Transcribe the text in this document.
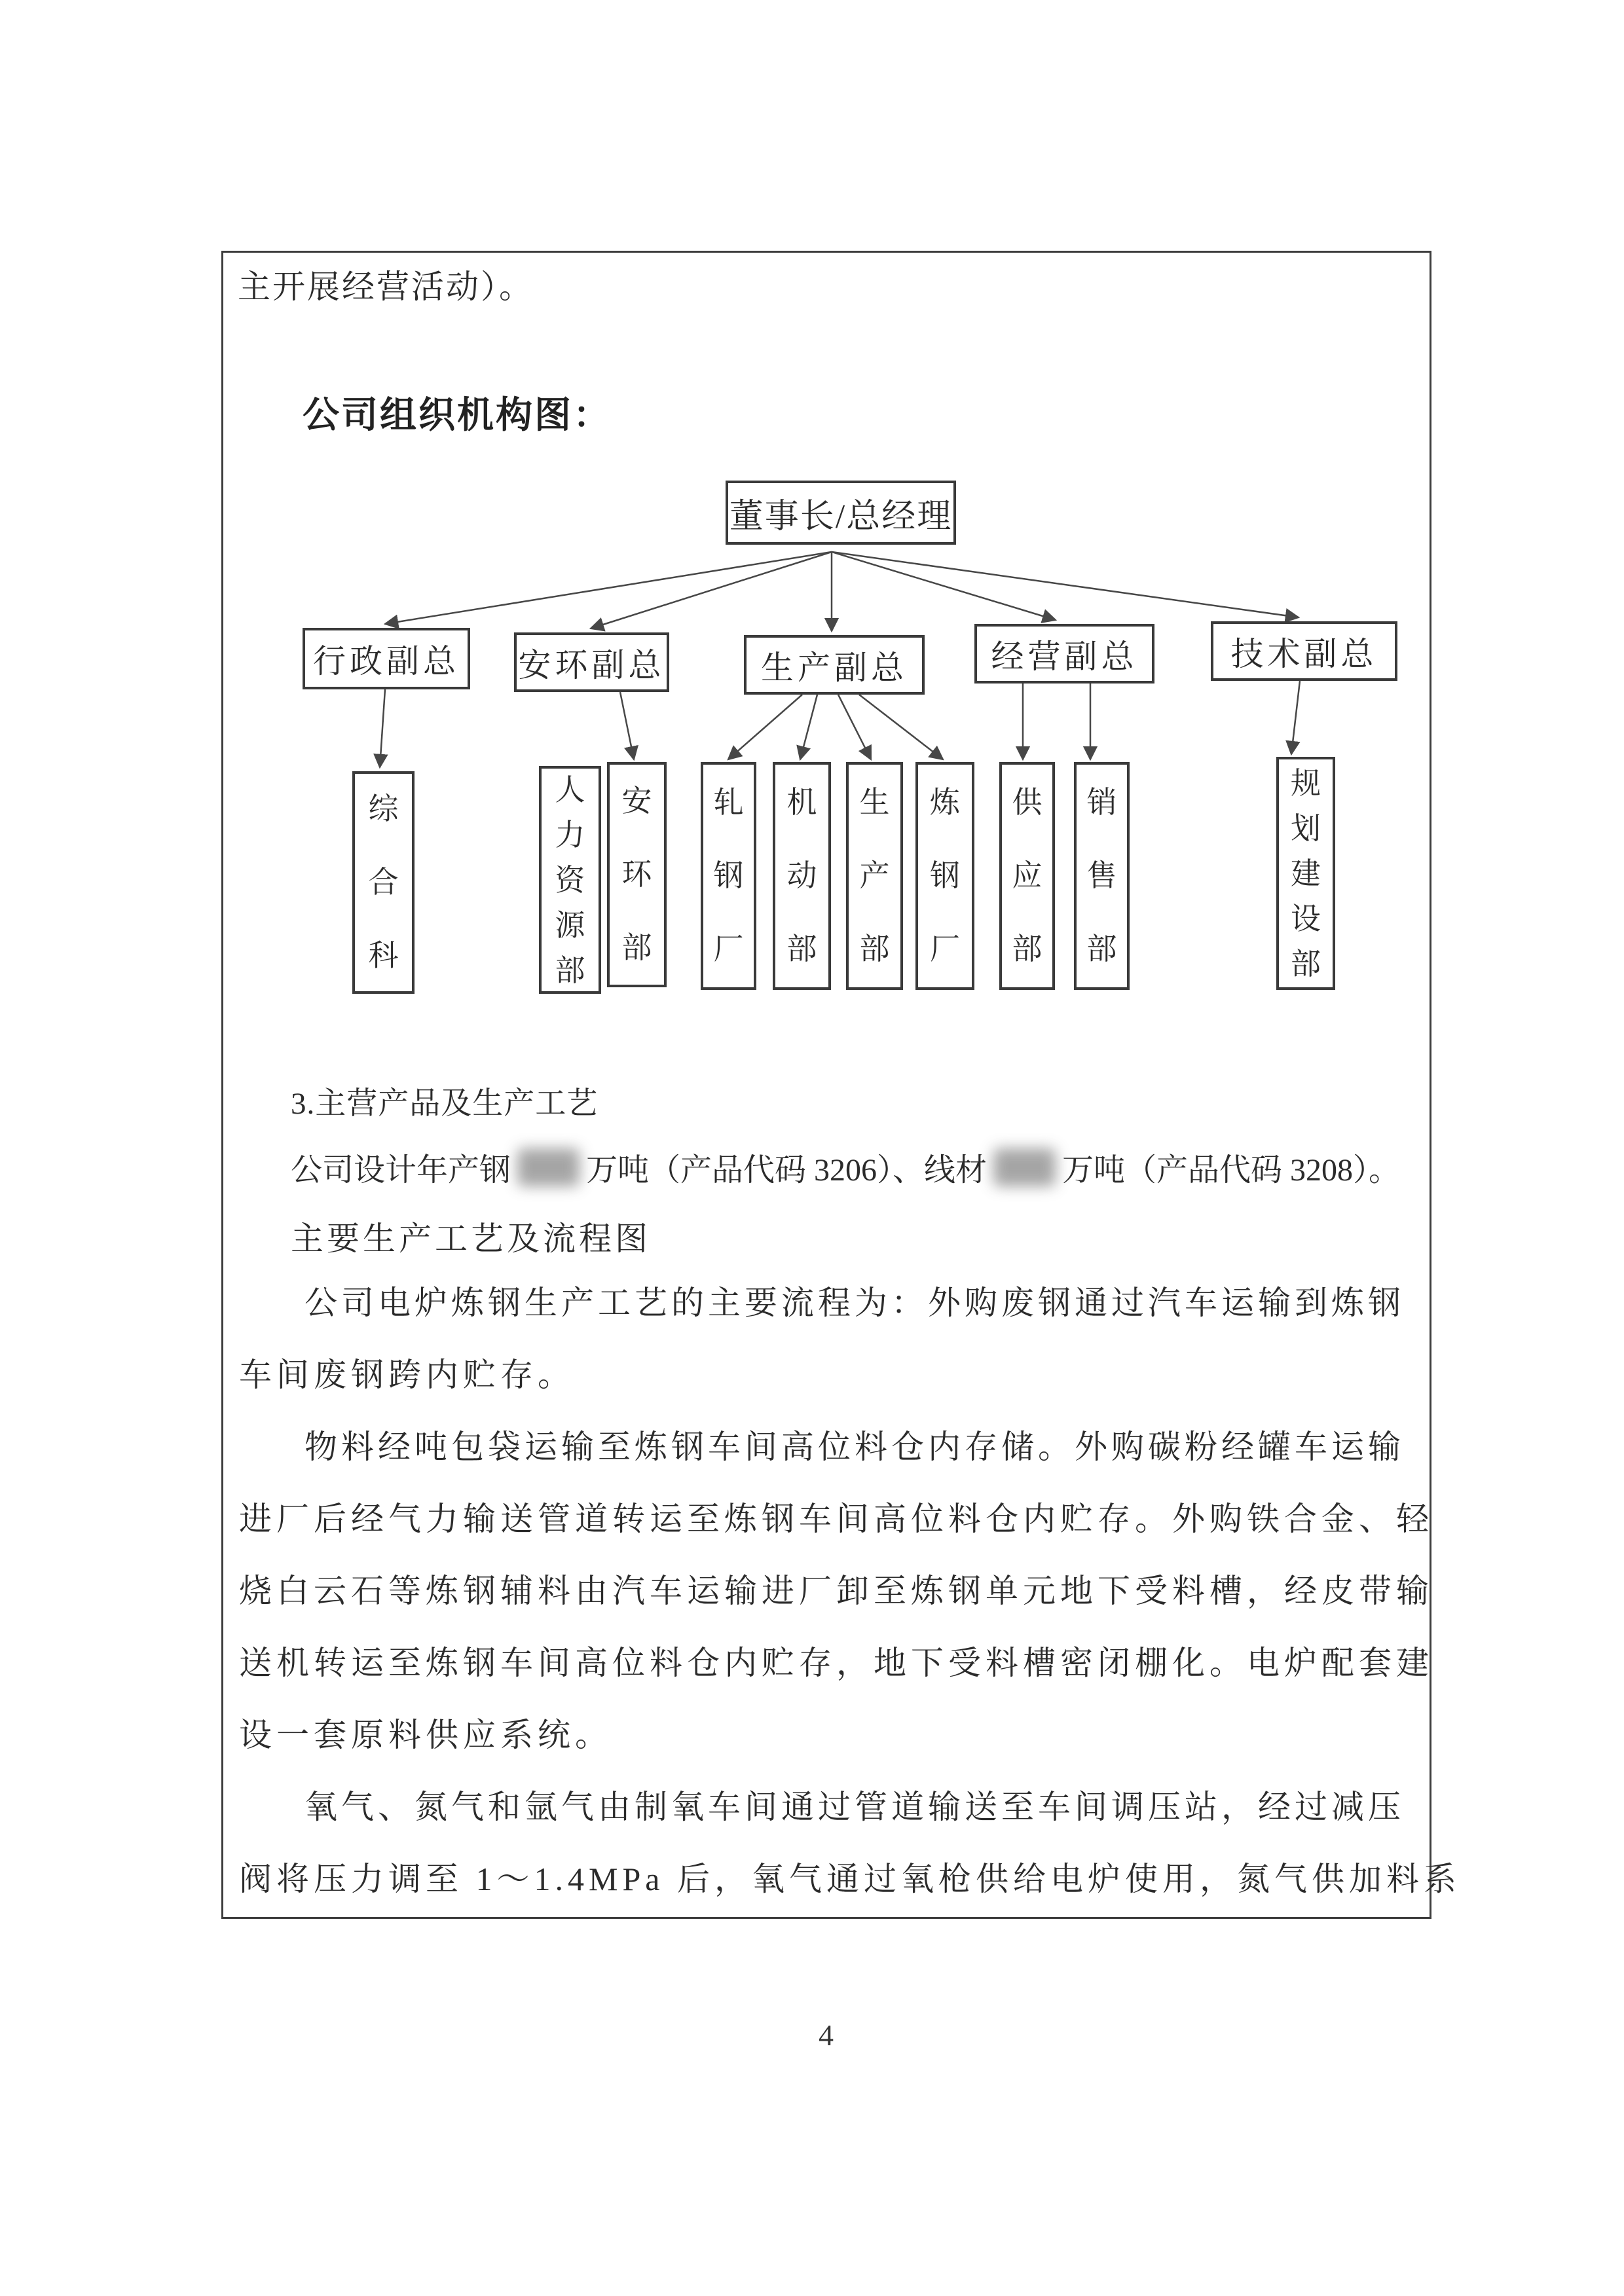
主开展经营活动）。
公司组织机构图：
董事长/总经理
行政副总	安环副总	生产副总	经营副总	技术副总
综合科
人力资源部
安环部
轧钢厂
机动部
生产部
炼钢厂
供应部
销售部
规划建设部
3.主营产品及生产工艺
公司设计年产钢 万吨（产品代码 3206）、线材 万吨（产品代码 3208）。
主要生产工艺及流程图
公司电炉炼钢生产工艺的主要流程为：外购废钢通过汽车运输到炼钢
车间废钢跨内贮存。
物料经吨包袋运输至炼钢车间高位料仓内存储。外购碳粉经罐车运输
进厂后经气力输送管道转运至炼钢车间高位料仓内贮存。外购铁合金、轻
烧白云石等炼钢辅料由汽车运输进厂卸至炼钢单元地下受料槽，经皮带输
送机转运至炼钢车间高位料仓内贮存，地下受料槽密闭棚化。电炉配套建
设一套原料供应系统。
氧气、氮气和氩气由制氧车间通过管道输送至车间调压站，经过减压
阀将压力调至 1～1.4MPa 后，氧气通过氧枪供给电炉使用，氮气供加料系
4
